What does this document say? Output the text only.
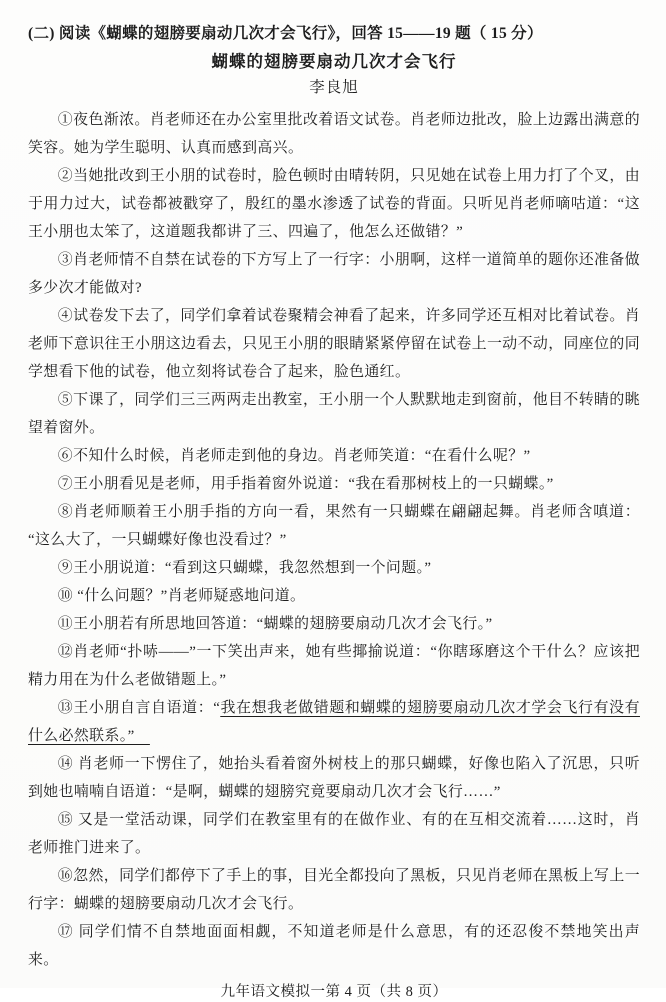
(二) 阅读《蝴蝶的翅膀要扇动几次才会飞行》，回答 15——19 题（ 15 分）
蝴蝶的翅膀要扇动几次才会飞行
李良旭

①夜色渐浓。肖老师还在办公室里批改着语文试卷。肖老师边批改，脸上边露出满意的笑容。她为学生聪明、认真而感到高兴。

②当她批改到王小朋的试卷时，脸色顿时由晴转阴，只见她在试卷上用力打了个叉，由于用力过大，试卷都被戳穿了，殷红的墨水渗透了试卷的背面。只听见肖老师嘀咕道：“这王小朋也太笨了，这道题我都讲了三、四遍了，他怎么还做错？”

③肖老师情不自禁在试卷的下方写上了一行字：小朋啊，这样一道简单的题你还准备做多少次才能做对?

④试卷发下去了，同学们拿着试卷聚精会神看了起来，许多同学还互相对比着试卷。肖老师下意识往王小朋这边看去，只见王小朋的眼睛紧紧停留在试卷上一动不动，同座位的同学想看下他的试卷，他立刻将试卷合了起来，脸色通红。

⑤下课了，同学们三三两两走出教室，王小朋一个人默默地走到窗前，他目不转睛的眺望着窗外。

⑥不知什么时候，肖老师走到他的身边。肖老师笑道：“在看什么呢？”

⑦王小朋看见是老师，用手指着窗外说道：“我在看那树枝上的一只蝴蝶。”

⑧肖老师顺着王小朋手指的方向一看，果然有一只蝴蝶在翩翩起舞。肖老师含嗔道：“这么大了，一只蝴蝶好像也没看过？”

⑨王小朋说道：“看到这只蝴蝶，我忽然想到一个问题。”

⑩ “什么问题？”肖老师疑惑地问道。

⑪王小朋若有所思地回答道：“蝴蝶的翅膀要扇动几次才会飞行。”

⑫肖老师“扑哧——”一下笑出声来，她有些揶揄说道：“你瞎琢磨这个干什么？应该把精力用在为什么老做错题上。”

⑬王小朋自言自语道：“我在想我老做错题和蝴蝶的翅膀要扇动几次才学会飞行有没有什么必然联系。”　

⑭ 肖老师一下愣住了，她抬头看着窗外树枝上的那只蝴蝶，好像也陷入了沉思，只听到她也喃喃自语道：“是啊，蝴蝶的翅膀究竟要扇动几次才会飞行……”

⑮ 又是一堂活动课，同学们在教室里有的在做作业、有的在互相交流着……这时，肖老师推门进来了。

⑯忽然，同学们都停下了手上的事，目光全都投向了黑板，只见肖老师在黑板上写上一行字：蝴蝶的翅膀要扇动几次才会飞行。

⑰ 同学们情不自禁地面面相觑，不知道老师是什么意思，有的还忍俊不禁地笑出声来。

九年语文模拟一第 4 页（共 8 页）
